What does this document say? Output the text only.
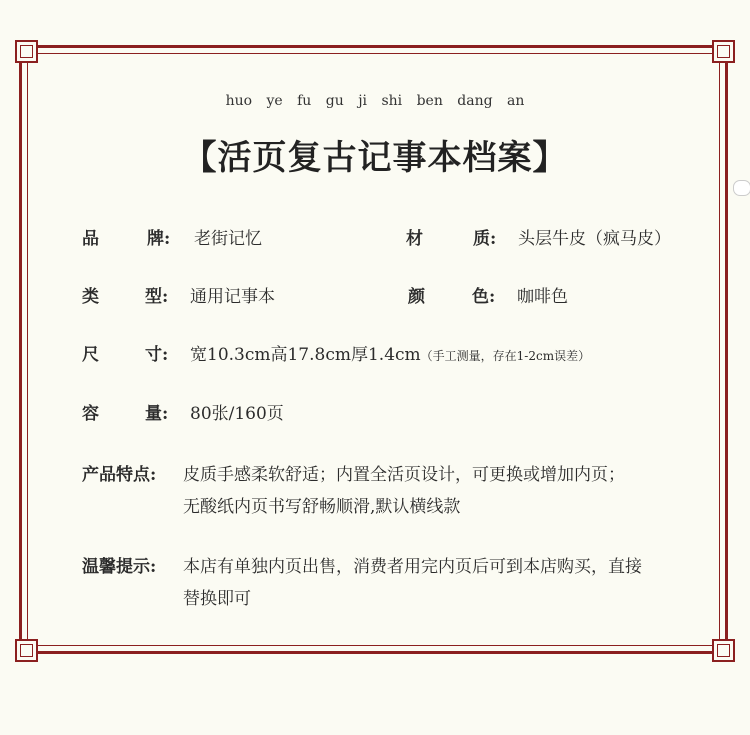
huo ye fu gu ji shi ben dang an
【活页复古记事本档案】
品	牌: 老街记忆	材	质: 头层牛皮（疯马皮）
类	型: 通用记事本	颜	色: 咖啡色
尺	寸: 宽10.3cm高17.8cm厚1.4cm（手工测量，存在1-2cm误差）
容	量: 80张/160页
产品特点: 皮质手感柔软舒适；内置全活页设计，可更换或增加内页；
无酸纸内页书写舒畅顺滑,默认横线款
温馨提示: 本店有单独内页出售，消费者用完内页后可到本店购买，直接
替换即可
